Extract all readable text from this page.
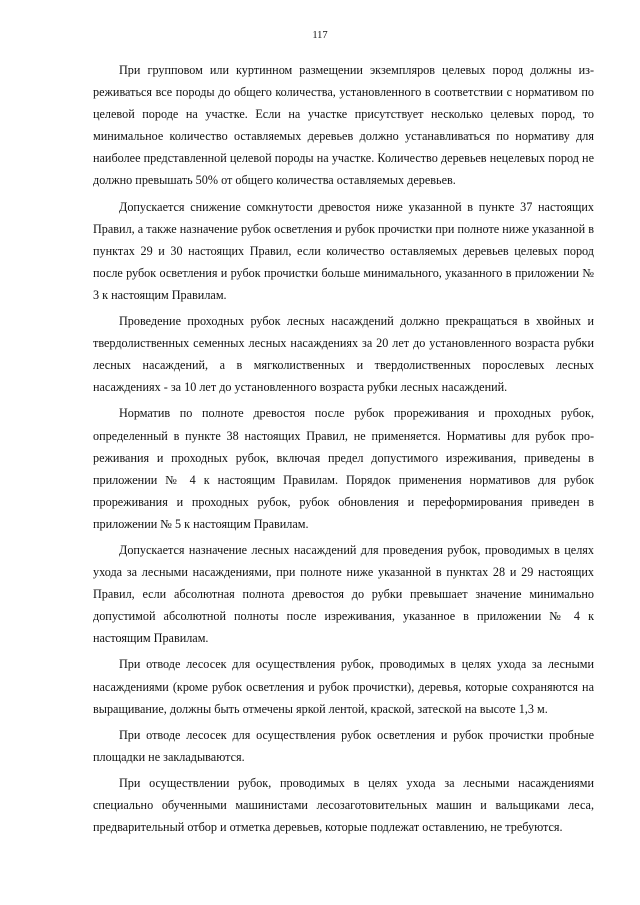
117

При групповом или куртинном размещении экземпляров целевых пород должны изреживаться все породы до общего количества, установленного в соответствии с нормативом по целевой породе на участке. Если на участке присутствует несколько целевых пород, то минимальное количество оставляемых деревьев должно устанавливаться по нормативу для наиболее представленной целевой породы на участке. Количество деревьев нецелевых пород не должно превышать 50% от общего количества оставляемых деревьев.

Допускается снижение сомкнутости древостоя ниже указанной в пункте 37 настоящих Правил, а также назначение рубок осветления и рубок прочистки при полноте ниже указанной в пунктах 29 и 30 настоящих Правил, если количество оставляемых деревьев целевых пород после рубок осветления и рубок прочистки больше минимального, указанного в приложении № 3 к настоящим Правилам.

Проведение проходных рубок лесных насаждений должно прекращаться в хвойных и твердолиственных семенных лесных насаждениях за 20 лет до установленного возраста рубки лесных насаждений, а в мягколиственных и твердолиственных порослевых лесных насаждениях - за 10 лет до установленного возраста рубки лесных насаждений.

Норматив по полноте древостоя после рубок прореживания и проходных рубок, определенный в пункте 38 настоящих Правил, не применяется. Нормативы для рубок прореживания и проходных рубок, включая предел допустимого изреживания, приведены в приложении № 4 к настоящим Правилам. Порядок применения нормативов для рубок прореживания и проходных рубок, рубок обновления и переформирования приведен в приложении № 5 к настоящим Правилам.

Допускается назначение лесных насаждений для проведения рубок, проводимых в целях ухода за лесными насаждениями, при полноте ниже указанной в пунктах 28 и 29 настоящих Правил, если абсолютная полнота древостоя до рубки превышает значение минимально допустимой абсолютной полноты после изреживания, указанное в приложении № 4 к настоящим Правилам.

При отводе лесосек для осуществления рубок, проводимых в целях ухода за лесными насаждениями (кроме рубок осветления и рубок прочистки), деревья, которые сохраняются на выращивание, должны быть отмечены яркой лентой, краской, затеской на высоте 1,3 м.

При отводе лесосек для осуществления рубок осветления и рубок прочистки пробные площадки не закладываются.

При осуществлении рубок, проводимых в целях ухода за лесными насаждениями специально обученными машинистами лесозаготовительных машин и вальщиками леса, предварительный отбор и отметка деревьев, которые подлежат оставлению, не требуются.
